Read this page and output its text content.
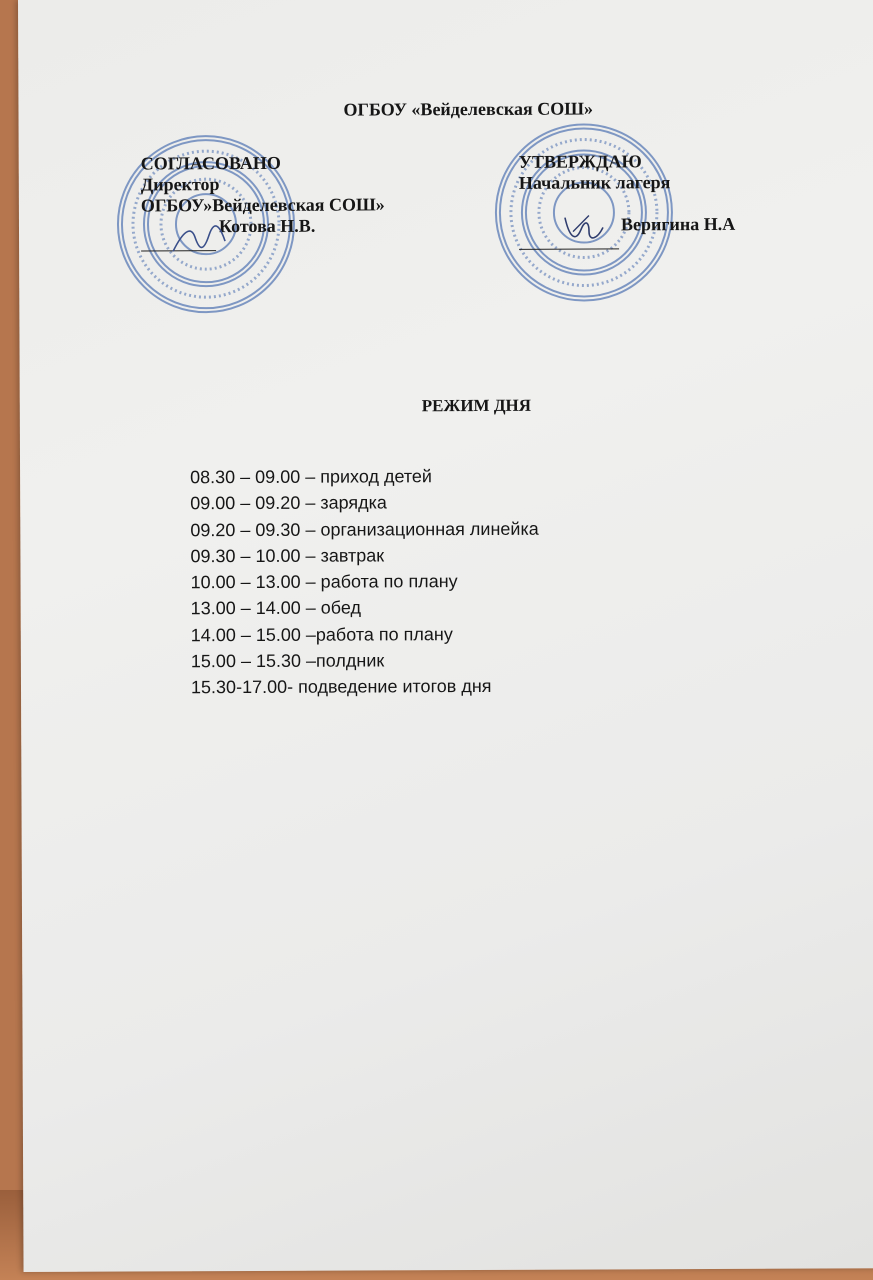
ОГБОУ «Вейделевская СОШ»
СОГЛАСОВАНО
Директор
ОГБОУ»Вейделевская СОШ»
Котова Н.В.
УТВЕРЖДАЮ
Начальник лагеря
Веригина Н.А
РЕЖИМ ДНЯ
08.30 – 09.00 – приход детей
09.00 – 09.20 – зарядка
09.20 – 09.30 – организационная линейка
09.30 – 10.00 – завтрак
10.00 – 13.00 – работа по плану
13.00 – 14.00 – обед
14.00 – 15.00 –работа по плану
15.00 – 15.30 –полдник
15.30-17.00- подведение итогов дня
